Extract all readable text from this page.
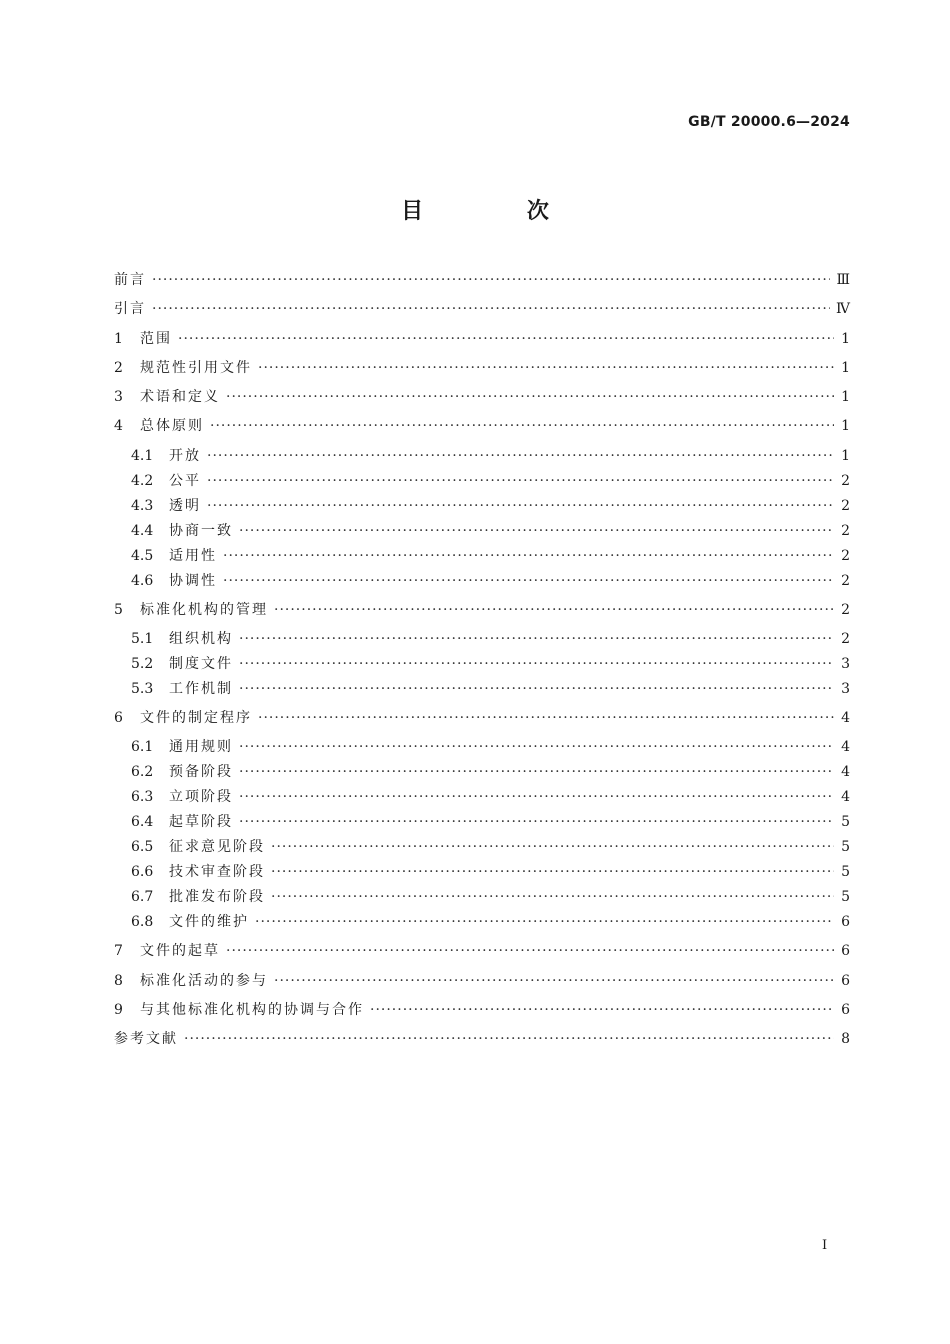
GB/T 20000.6—2024
目 次
前言 ·····	Ⅲ
引言 ·····	Ⅳ
1	范围 ·····	1
2	规范性引用文件 ·····	1
3	术语和定义 ·····	1
4	总体原则 ·····	1
4.1	开放 ·····	1
4.2	公平 ·····	2
4.3	透明 ·····	2
4.4	协商一致 ·····	2
4.5	适用性 ·····	2
4.6	协调性 ·····	2
5	标准化机构的管理 ·····	2
5.1	组织机构 ·····	2
5.2	制度文件 ·····	3
5.3	工作机制 ·····	3
6	文件的制定程序 ·····	4
6.1	通用规则 ·····	4
6.2	预备阶段 ·····	4
6.3	立项阶段 ·····	4
6.4	起草阶段 ·····	5
6.5	征求意见阶段 ·····	5
6.6	技术审查阶段 ·····	5
6.7	批准发布阶段 ·····	5
6.8	文件的维护 ·····	6
7	文件的起草 ·····	6
8	标准化活动的参与 ·····	6
9	与其他标准化机构的协调与合作 ·····	6
参考文献 ·····	8
I
